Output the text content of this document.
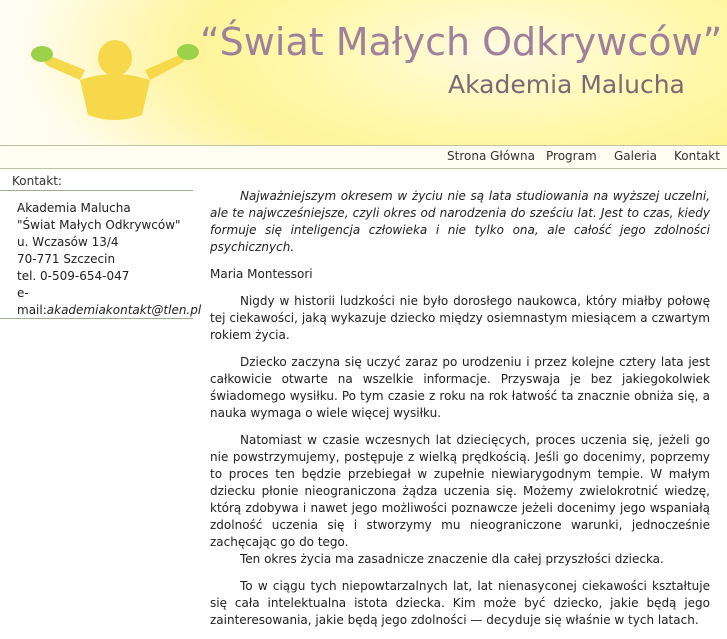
“Świat Małych Odkrywców”
Akademia Malucha
Strona Główna Program Galeria Kontakt
Kontakt:
Akademia Malucha
"Świat Małych Odkrywców"
u. Wczasów 13/4
70-771 Szczecin
tel. 0-509-654-047
e-
mail:akademiakontakt@tlen.pl

Najważniejszym okresem w życiu nie są lata studiowania na wyższej uczelni, ale te najwcześniejsze, czyli okres od narodzenia do sześciu lat. Jest to czas, kiedy formuje się inteligencja człowieka i nie tylko ona, ale całość jego zdolności psychicznych.

Maria Montessori

Nigdy w historii ludzkości nie było dorosłego naukowca, który miałby połowę tej ciekawości, jaką wykazuje dziecko między osiemnastym miesiącem a czwartym rokiem życia.

Dziecko zaczyna się uczyć zaraz po urodzeniu i przez kolejne cztery lata jest całkowicie otwarte na wszelkie informacje. Przyswaja je bez jakiegokolwiek świadomego wysiłku. Po tym czasie z roku na rok łatwość ta znacznie obniża się, a nauka wymaga o wiele więcej wysiłku.

Natomiast w czasie wczesnych lat dziecięcych, proces uczenia się, jeżeli go nie powstrzymujemy, postępuje z wielką prędkością. Jeśli go docenimy, poprzemy to proces ten będzie przebiegał w zupełnie niewiarygodnym tempie. W małym dziecku płonie nieograniczona żądza uczenia się. Możemy zwielokrotnić wiedzę, którą zdobywa i nawet jego możliwości poznawcze jeżeli docenimy jego wspaniałą zdolność uczenia się i stworzymy mu nieograniczone warunki, jednocześnie zachęcając go do tego.

Ten okres życia ma zasadnicze znaczenie dla całej przyszłości dziecka.

To w ciągu tych niepowtarzalnych lat, lat nienasyconej ciekawości kształtuje się cała intelektualna istota dziecka. Kim może być dziecko, jakie będą jego zainteresowania, jakie będą jego zdolności — decyduje się właśnie w tych latach.
